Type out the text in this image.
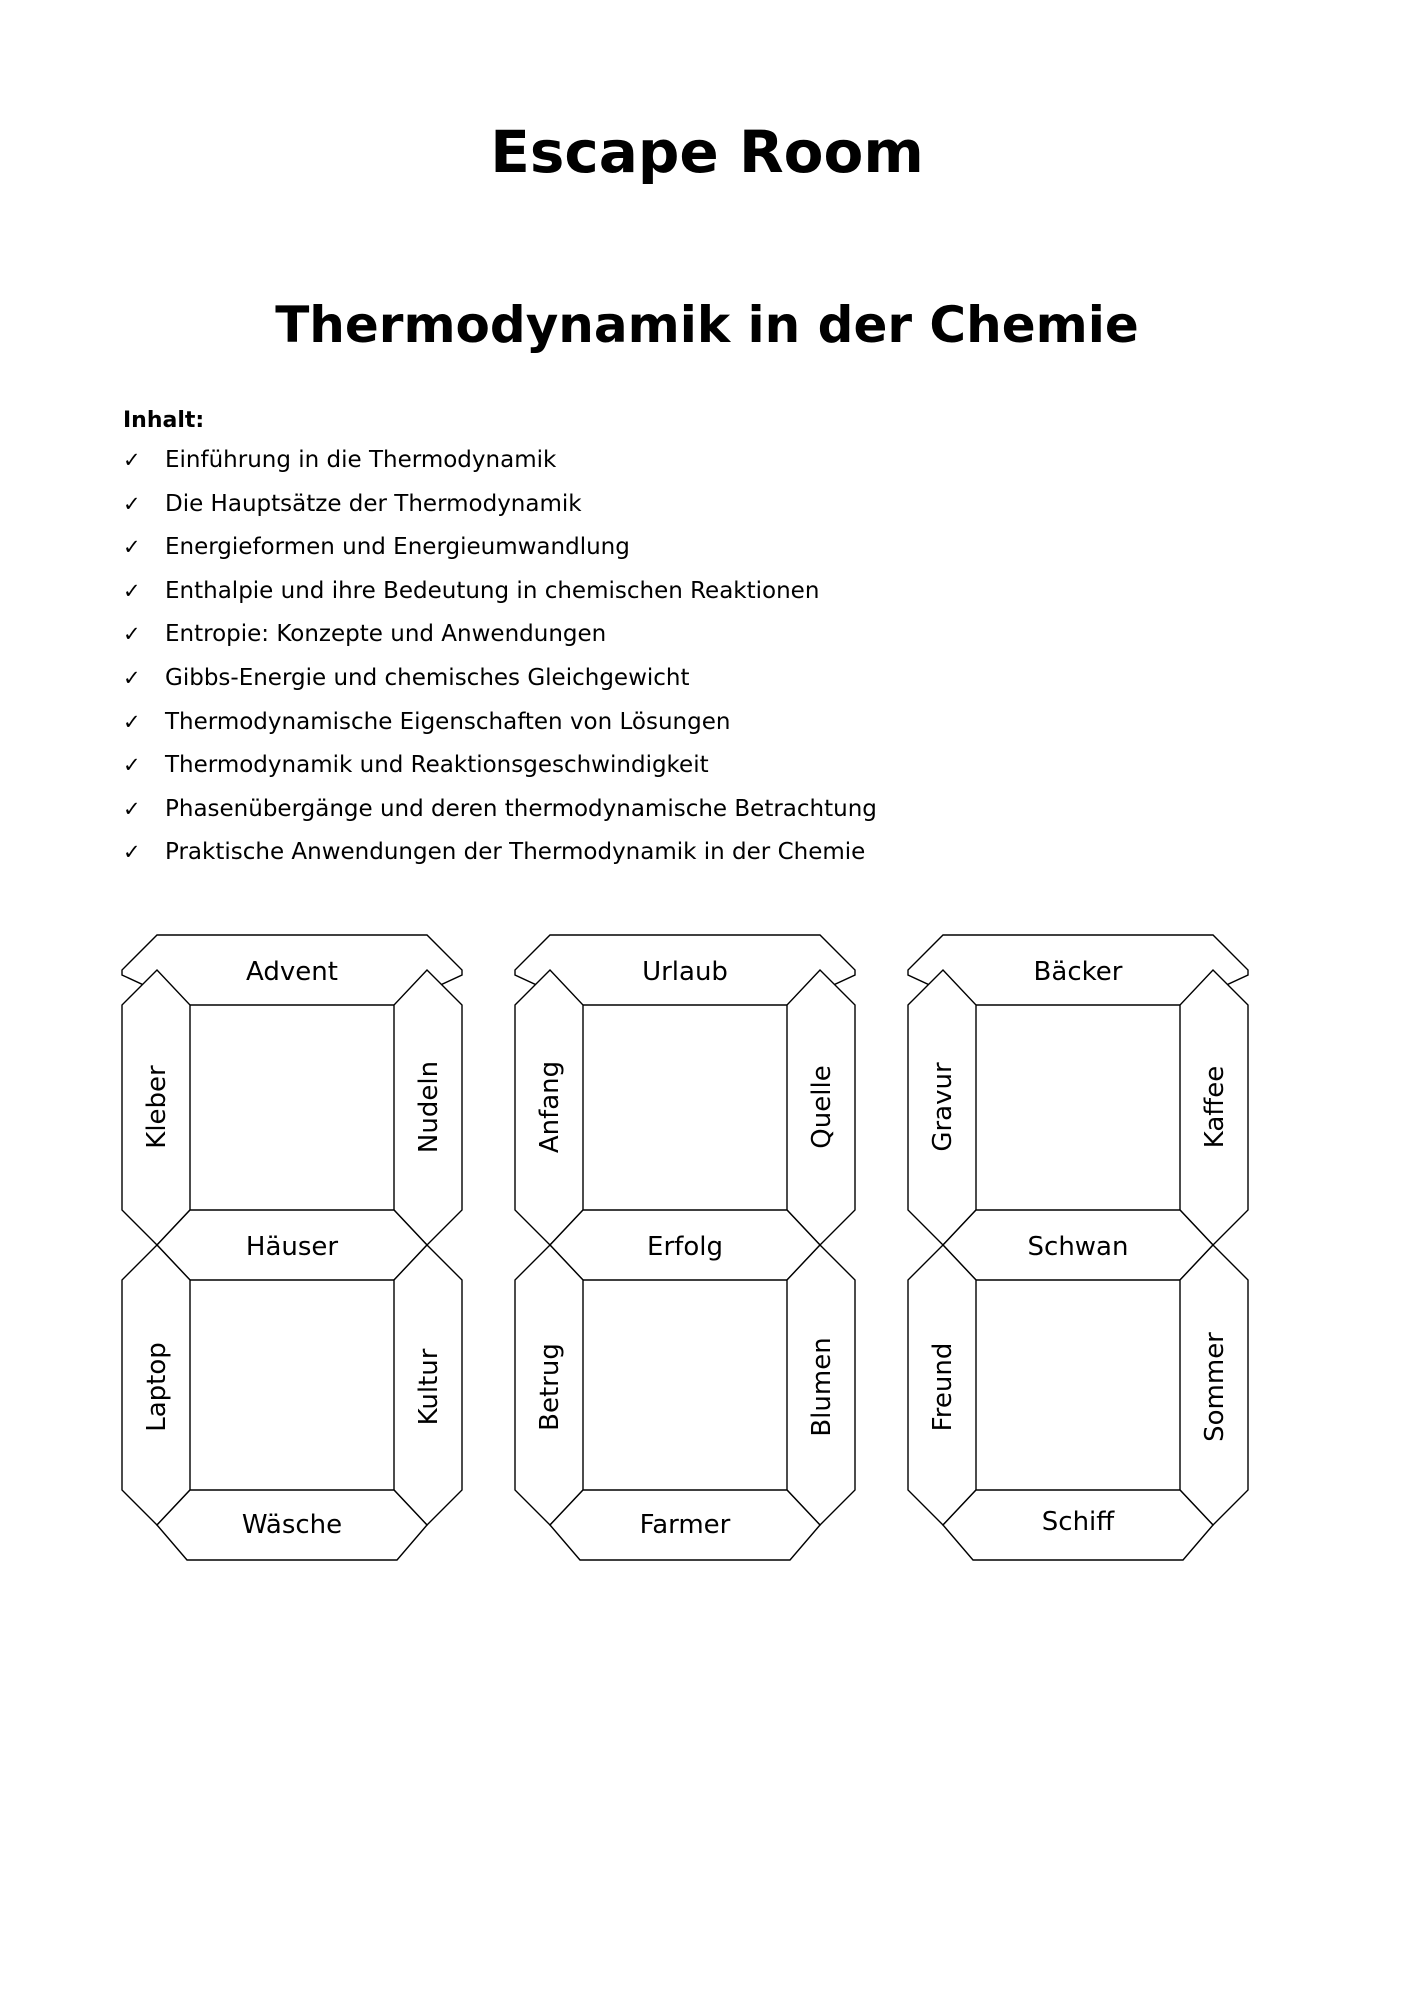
Escape Room
Thermodynamik in der Chemie
Inhalt:
✓ Einführung in die Thermodynamik
✓ Die Hauptsätze der Thermodynamik
✓ Energieformen und Energieumwandlung
✓ Enthalpie und ihre Bedeutung in chemischen Reaktionen
✓ Entropie: Konzepte und Anwendungen
✓ Gibbs-Energie und chemisches Gleichgewicht
✓ Thermodynamische Eigenschaften von Lösungen
✓ Thermodynamik und Reaktionsgeschwindigkeit
✓ Phasenübergänge und deren thermodynamische Betrachtung
✓ Praktische Anwendungen der Thermodynamik in der Chemie
Advent
Kleber	Nudeln
Häuser
Laptop	Kultur
Wäsche
Urlaub
Anfang	Quelle
Erfolg
Betrug	Blumen
Farmer
Bäcker
Gravur	Kaffee
Schwan
Freund	Sommer
Schiff
